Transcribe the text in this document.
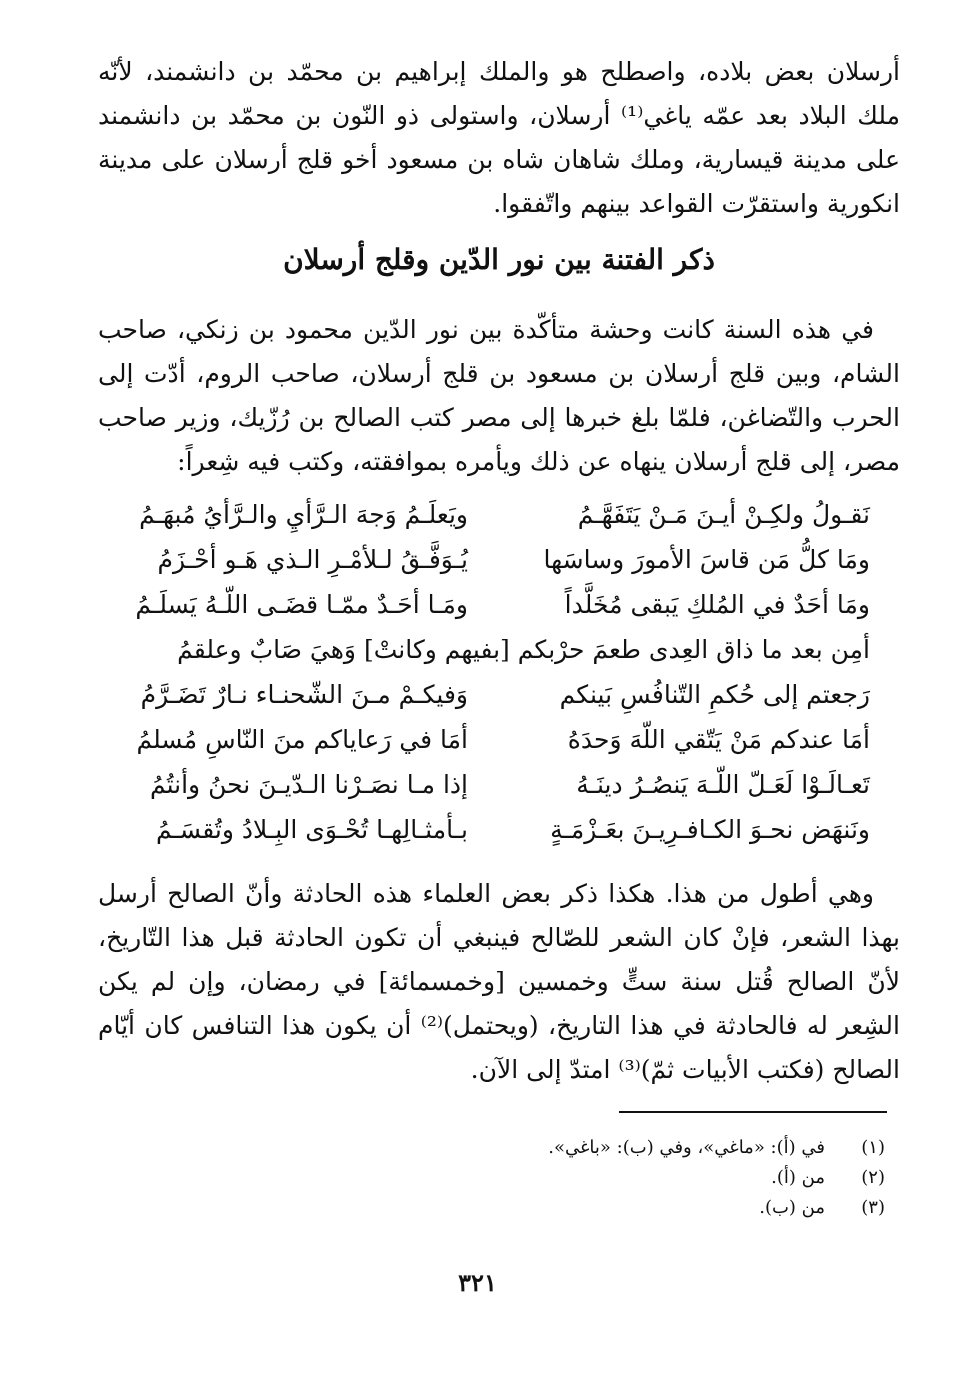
أرسلان بعض بلاده، واصطلح هو والملك إبراهيم بن محمّد بن دانشمند، لأنّه ملك البلاد بعد عمّه ياغي⁽¹⁾ أرسلان، واستولى ذو النّون بن محمّد بن دانشمند على مدينة قيسارية، وملك شاهان شاه بن مسعود أخو قلج أرسلان على مدينة انكورية واستقرّت القواعد بينهم واتّفقوا.
ذكر الفتنة بين نور الدّين وقلج أرسلان
في هذه السنة كانت وحشة متأكّدة بين نور الدّين محمود بن زنكي، صاحب الشام، وبين قلج أرسلان بن مسعود بن قلج أرسلان، صاحب الروم، أدّت إلى الحرب والتّضاغن، فلمّا بلغ خبرها إلى مصر كتب الصالح بن رُزّيك، وزير صاحب مصر، إلى قلج أرسلان ينهاه عن ذلك ويأمره بموافقته، وكتب فيه شِعراً:
نَقـولُ ولكِـنْ أيـنَ مَـنْ يَتَفَهَّـمُ
ويَعلَـمُ وَجهَ الـرَّأيِ والـرَّأيُ مُبهَـمُ
ومَا كلُّ مَن قاسَ الأمورَ وساسَها
يُـوَفَّـقُ لـلأمْـرِ الـذي هَـو أحْـزَمُ
ومَا أحَدٌ في المُلكِ يَبقى مُخَلَّداً
ومَـا أحَـدٌ ممّـا قضَـى اللّـهُ يَسلَـمُ
أمِن بعد ما ذاق العِدى طعمَ حرْبكم [بفيهم وكانتْ] وَهيَ صَابٌ وعلقمُ
رَجعتم إلى حُكمِ التّنافُسِ بَينكم
وَفيكـمْ مـنَ الشّحنـاء نـارٌ تَضَـرَّمُ
أمَا عندكم مَنْ يَتّقي اللّهَ وَحدَهُ
أمَا في رَعاياكم منَ النّاسِ مُسلمُ
تَعـالَـوْا لَعَـلّ اللّـهَ يَنصُـرُ دينَـهُ
إذا مـا نصَـرْنا الـدّيـنَ نحنُ وأنتُمُ
ونَنهَض نحـوَ الكـافـرِيـنَ بعَـزْمَـةٍ
بـأمثـالِهـا تُحْـوَى البِـلادُ وتُقسَـمُ
وهي أطول من هذا. هكذا ذكر بعض العلماء هذه الحادثة وأنّ الصالح أرسل بهذا الشعر، فإنْ كان الشعر للصّالح فينبغي أن تكون الحادثة قبل هذا التّاريخ، لأنّ الصالح قُتل سنة ستٍّ وخمسين [وخمسمائة] في رمضان، وإن لم يكن الشِعر له فالحادثة في هذا التاريخ، (ويحتمل)⁽²⁾ أن يكون هذا التنافس كان أيّام الصالح (فكتب الأبيات ثمّ)⁽³⁾ امتدّ إلى الآن.
(١)
في (أ): «ماغي»، وفي (ب): «باغي».
(٢)
من (أ).
(٣)
من (ب).
٣٢١
